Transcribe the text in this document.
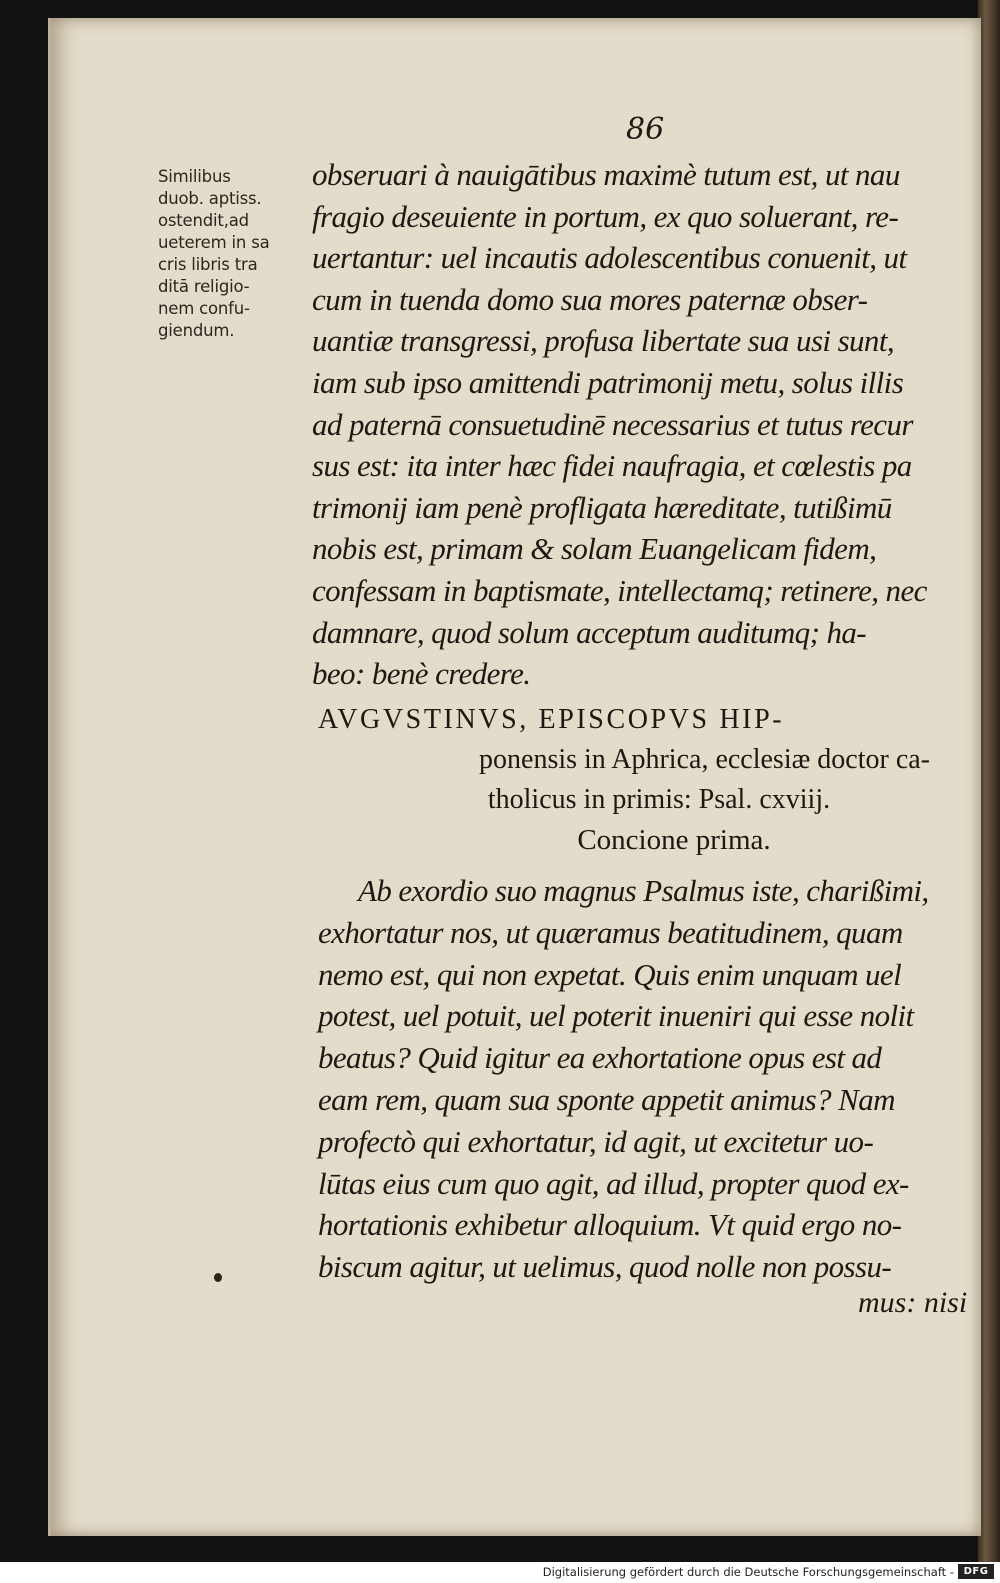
86
Similibus
duob. aptiss.
ostendit,ad
ueterem in sa
cris libris tra
ditā religio-
nem confu-
giendum.
obseruari à nauigātibus maximè tutum est, ut nau
fragio deseuiente in portum, ex quo soluerant, re-
uertantur: uel incautis adolescentibus conuenit, ut
cum in tuenda domo sua mores paternæ obser-
uantiæ transgressi, profusa libertate sua usi sunt,
iam sub ipso amittendi patrimonij metu, solus illis
ad paternā consuetudinē necessarius et tutus recur
sus est: ita inter hæc fidei naufragia, et cœlestis pa
trimonij iam penè profligata hæreditate, tutißimū
nobis est, primam & solam Euangelicam fidem,
confessam in baptismate, intellectamq; retinere, nec
damnare, quod solum acceptum auditumq; ha-
beo: benè credere.
AVGVSTINVS, EPISCOPVS HIP-
ponensis in Aphrica, ecclesiæ doctor ca-
tholicus in primis: Psal. cxviij.
Concione prima.
Ab exordio suo magnus Psalmus iste, charißimi,
exhortatur nos, ut quæramus beatitudinem, quam
nemo est, qui non expetat. Quis enim unquam uel
potest, uel potuit, uel poterit inueniri qui esse nolit
beatus? Quid igitur ea exhortatione opus est ad
eam rem, quam sua sponte appetit animus? Nam
profectò qui exhortatur, id agit, ut excitetur uo-
lūtas eius cum quo agit, ad illud, propter quod ex-
hortationis exhibetur alloquium. Vt quid ergo no-
biscum agitur, ut uelimus, quod nolle non possu-
mus: nisi
Digitalisierung gefördert durch die Deutsche Forschungsgemeinschaft - DFG
